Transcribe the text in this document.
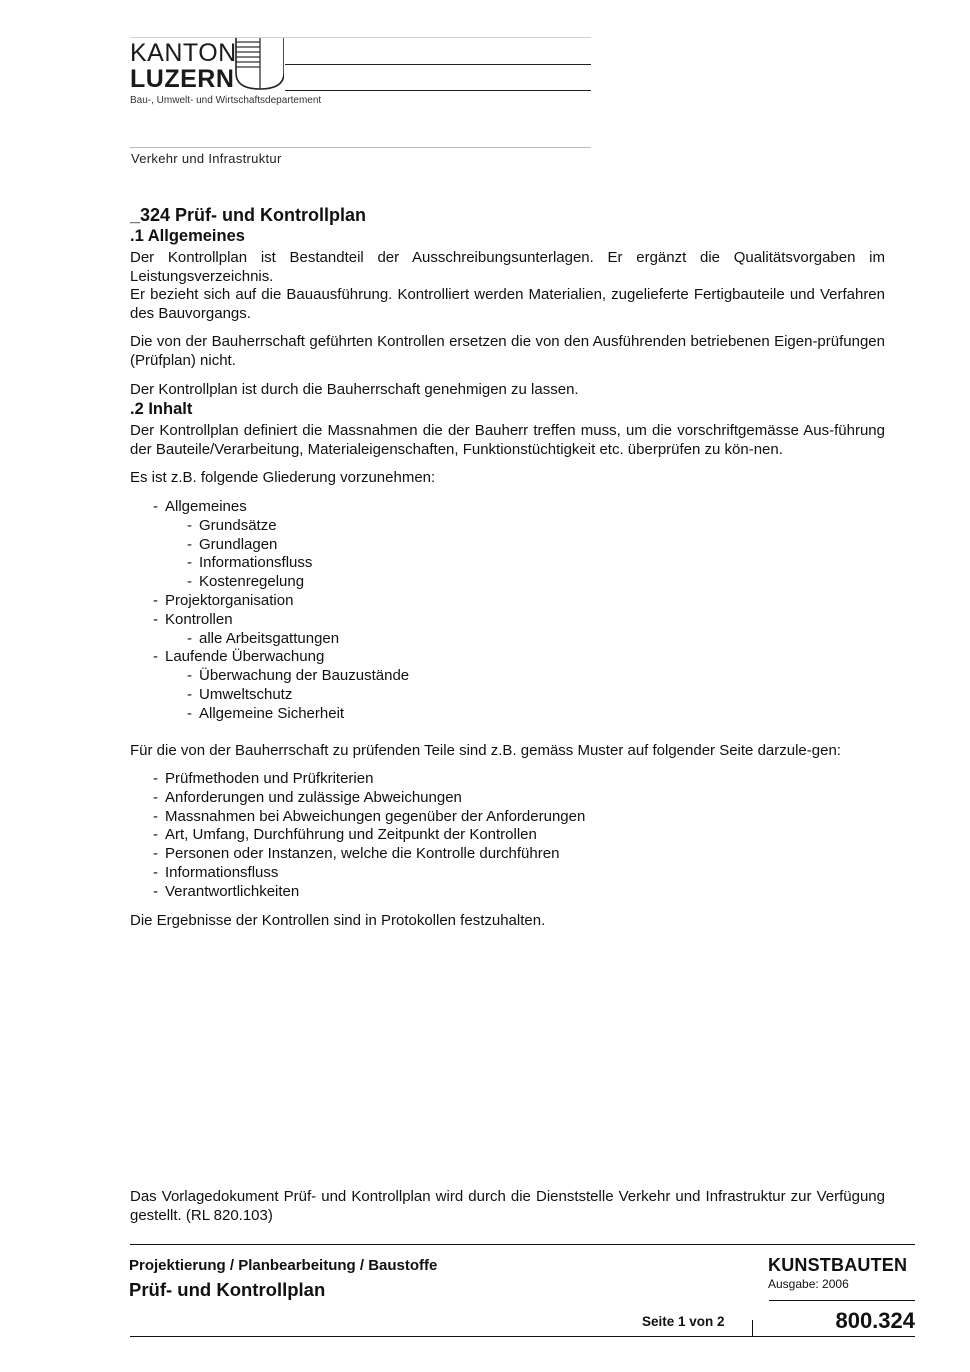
KANTON
LUZERN
Bau-, Umwelt- und Wirtschaftsdepartement
Verkehr und Infrastruktur
_324 Prüf- und Kontrollplan
.1 Allgemeines

Der Kontrollplan ist Bestandteil der Ausschreibungsunterlagen. Er ergänzt die Qualitätsvorgaben im Leistungsverzeichnis.

Er bezieht sich auf die Bauausführung. Kontrolliert werden Materialien, zugelieferte Fertigbauteile und Verfahren des Bauvorgangs.

Die von der Bauherrschaft geführten Kontrollen ersetzen die von den Ausführenden betriebenen Eigen-prüfungen (Prüfplan) nicht.

Der Kontrollplan ist durch die Bauherrschaft genehmigen zu lassen.

.2 Inhalt

Der Kontrollplan definiert die Massnahmen die der Bauherr treffen muss, um die vorschriftgemässe Aus-führung der Bauteile/Verarbeitung, Materialeigenschaften, Funktionstüchtigkeit etc. überprüfen zu kön-nen.

Es ist z.B. folgende Gliederung vorzunehmen:

- Allgemeines
- Grundsätze
- Grundlagen
- Informationsfluss
- Kostenregelung
- Projektorganisation
- Kontrollen
- alle Arbeitsgattungen
- Laufende Überwachung
- Überwachung der Bauzustände
- Umweltschutz
- Allgemeine Sicherheit

Für die von der Bauherrschaft zu prüfenden Teile sind z.B. gemäss Muster auf folgender Seite darzule-gen:

- Prüfmethoden und Prüfkriterien
- Anforderungen und zulässige Abweichungen
- Massnahmen bei Abweichungen gegenüber der Anforderungen
- Art, Umfang, Durchführung und Zeitpunkt der Kontrollen
- Personen oder Instanzen, welche die Kontrolle durchführen
- Informationsfluss
- Verantwortlichkeiten

Die Ergebnisse der Kontrollen sind in Protokollen festzuhalten.

Das Vorlagedokument Prüf- und Kontrollplan wird durch die Dienststelle Verkehr und Infrastruktur zur Verfügung gestellt. (RL 820.103)

Projektierung / Planbearbeitung / Baustoffe
Prüf- und Kontrollplan
KUNSTBAUTEN
Ausgabe: 2006
Seite 1 von 2	800.324
